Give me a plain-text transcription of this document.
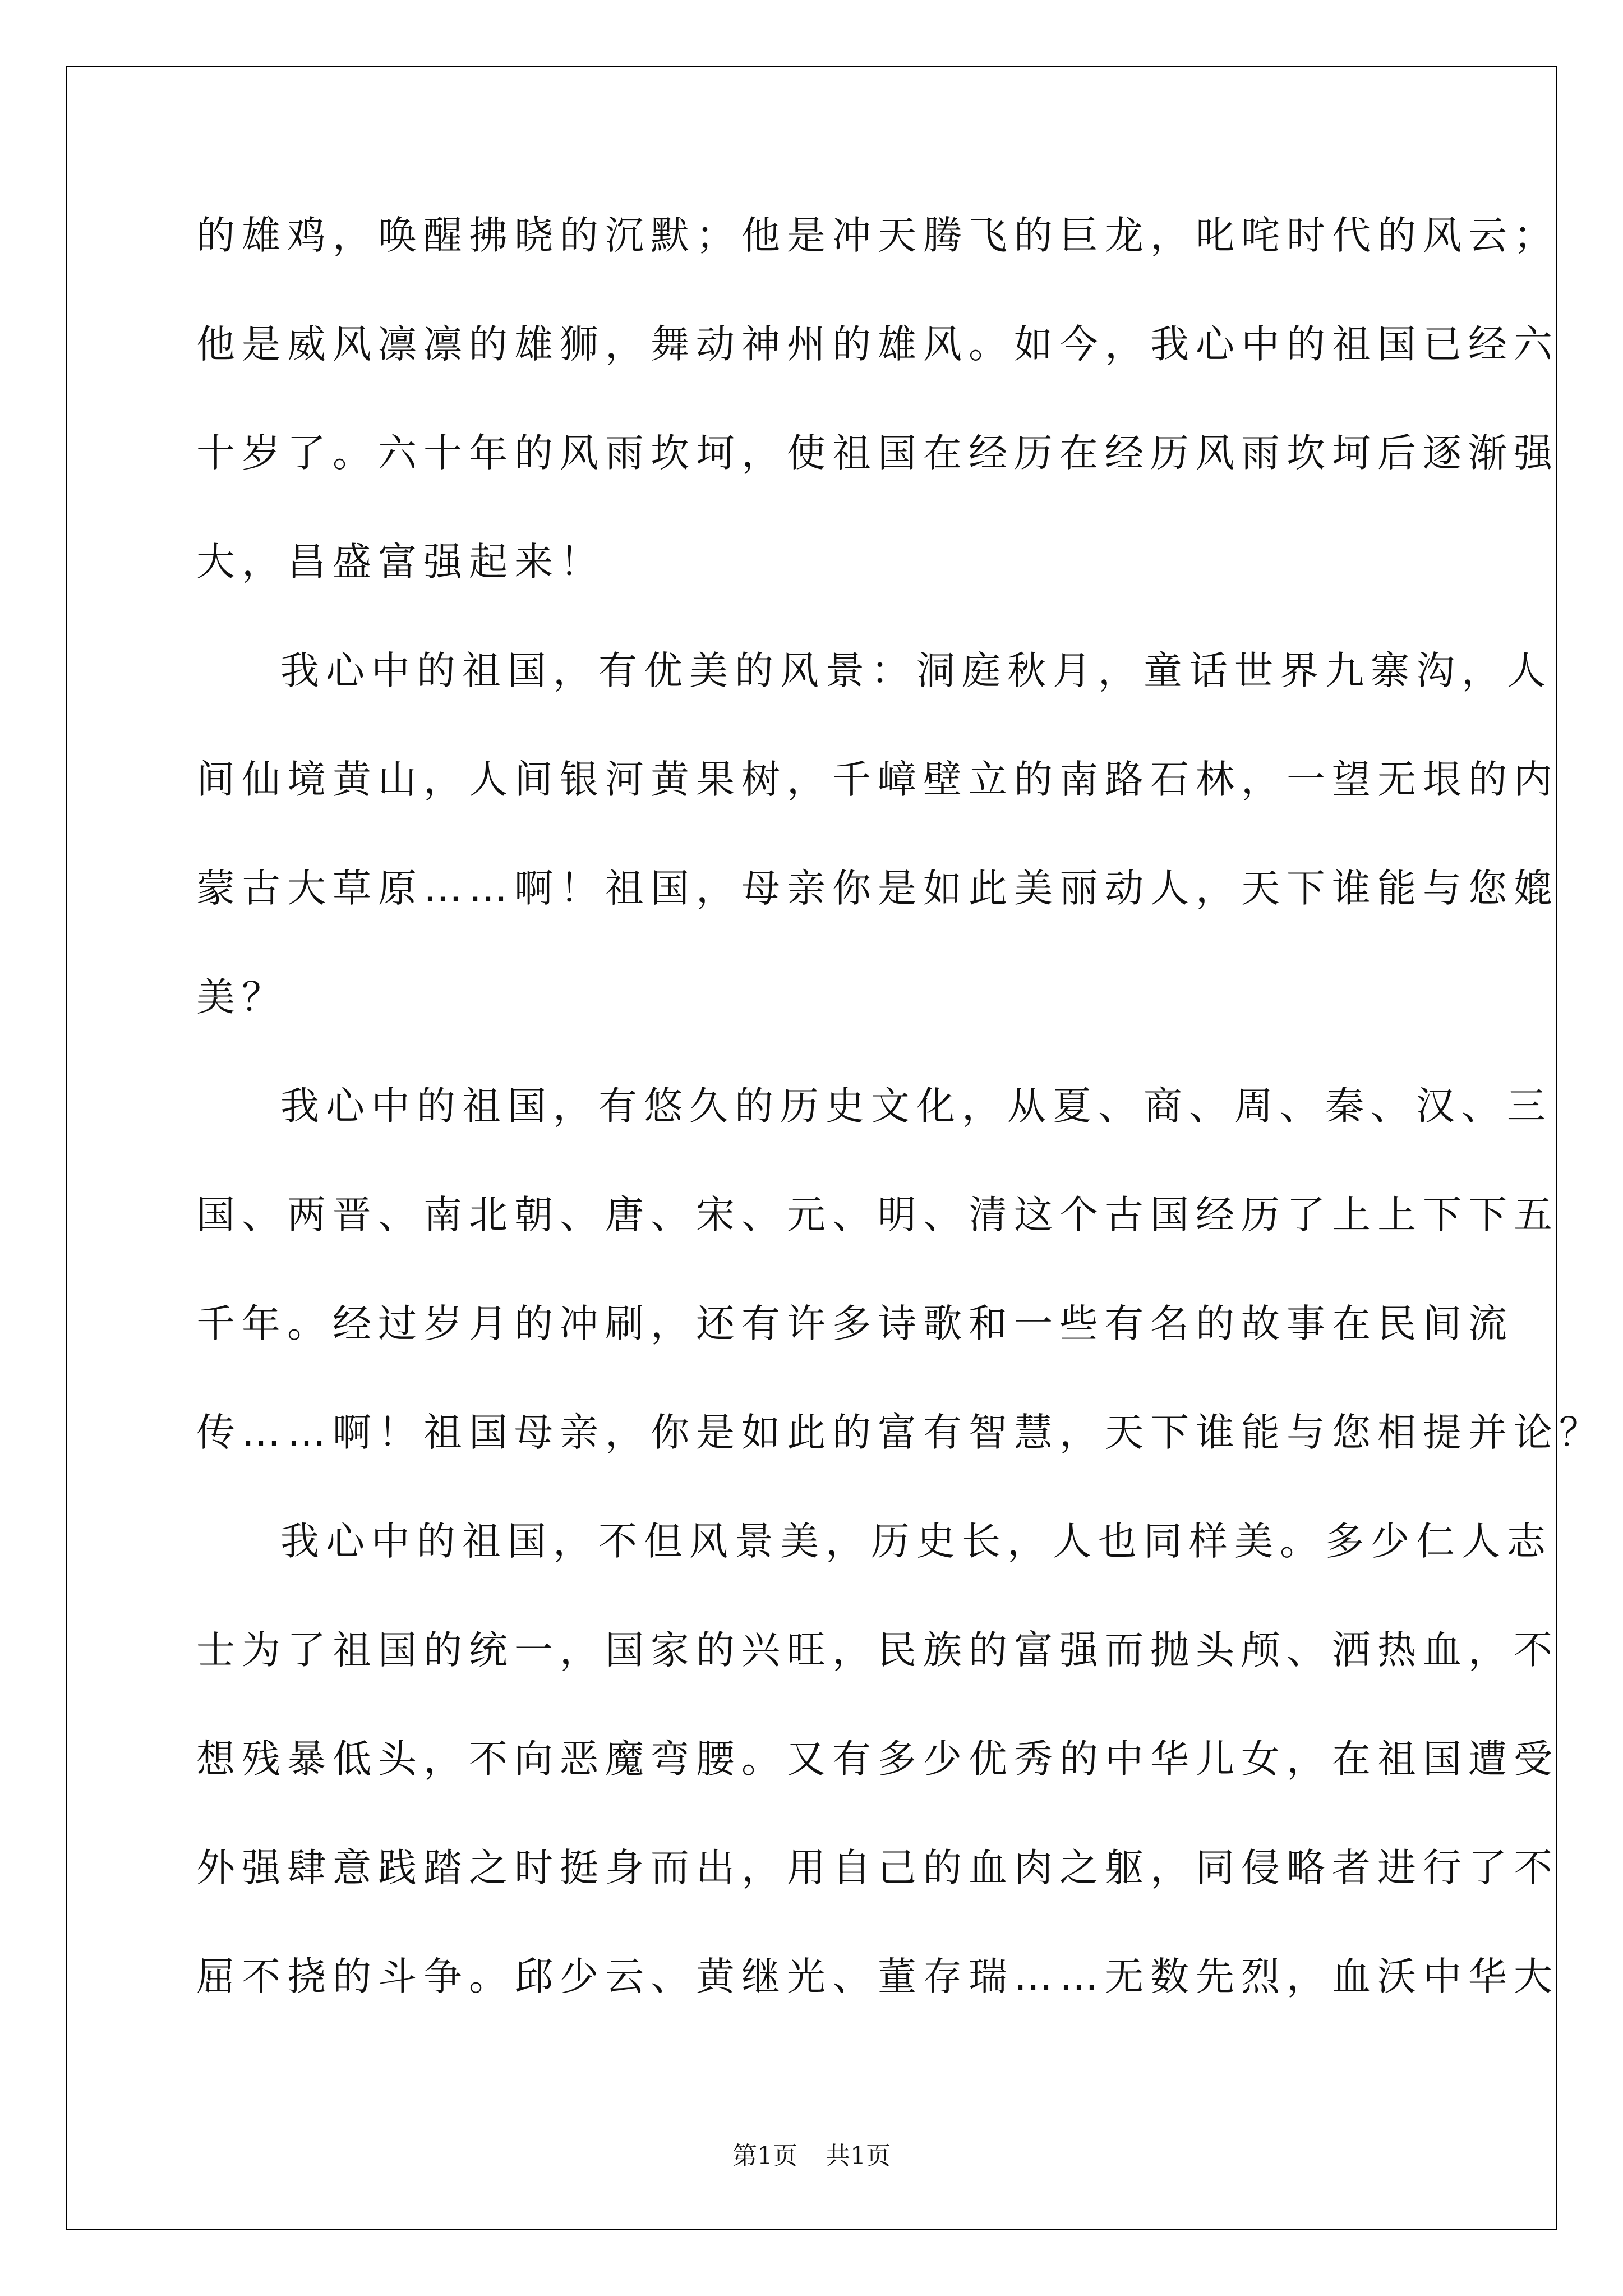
的雄鸡，唤醒拂晓的沉默；他是冲天腾飞的巨龙，叱咤时代的风云；
他是威风凛凛的雄狮，舞动神州的雄风。如今，我心中的祖国已经六
十岁了。六十年的风雨坎坷，使祖国在经历在经历风雨坎坷后逐渐强
大，昌盛富强起来！
我心中的祖国，有优美的风景：洞庭秋月，童话世界九寨沟，人
间仙境黄山，人间银河黄果树，千嶂壁立的南路石林，一望无垠的内
蒙古大草原……啊！祖国，母亲你是如此美丽动人，天下谁能与您媲
美？
我心中的祖国，有悠久的历史文化，从夏、商、周、秦、汉、三
国、两晋、南北朝、唐、宋、元、明、清这个古国经历了上上下下五
千年。经过岁月的冲刷，还有许多诗歌和一些有名的故事在民间流
传……啊！祖国母亲，你是如此的富有智慧，天下谁能与您相提并论？
我心中的祖国，不但风景美，历史长，人也同样美。多少仁人志
士为了祖国的统一，国家的兴旺，民族的富强而抛头颅、洒热血，不
想残暴低头，不向恶魔弯腰。又有多少优秀的中华儿女，在祖国遭受
外强肆意践踏之时挺身而出，用自己的血肉之躯，同侵略者进行了不
屈不挠的斗争。邱少云、黄继光、董存瑞……无数先烈，血沃中华大
第1页 共1页
